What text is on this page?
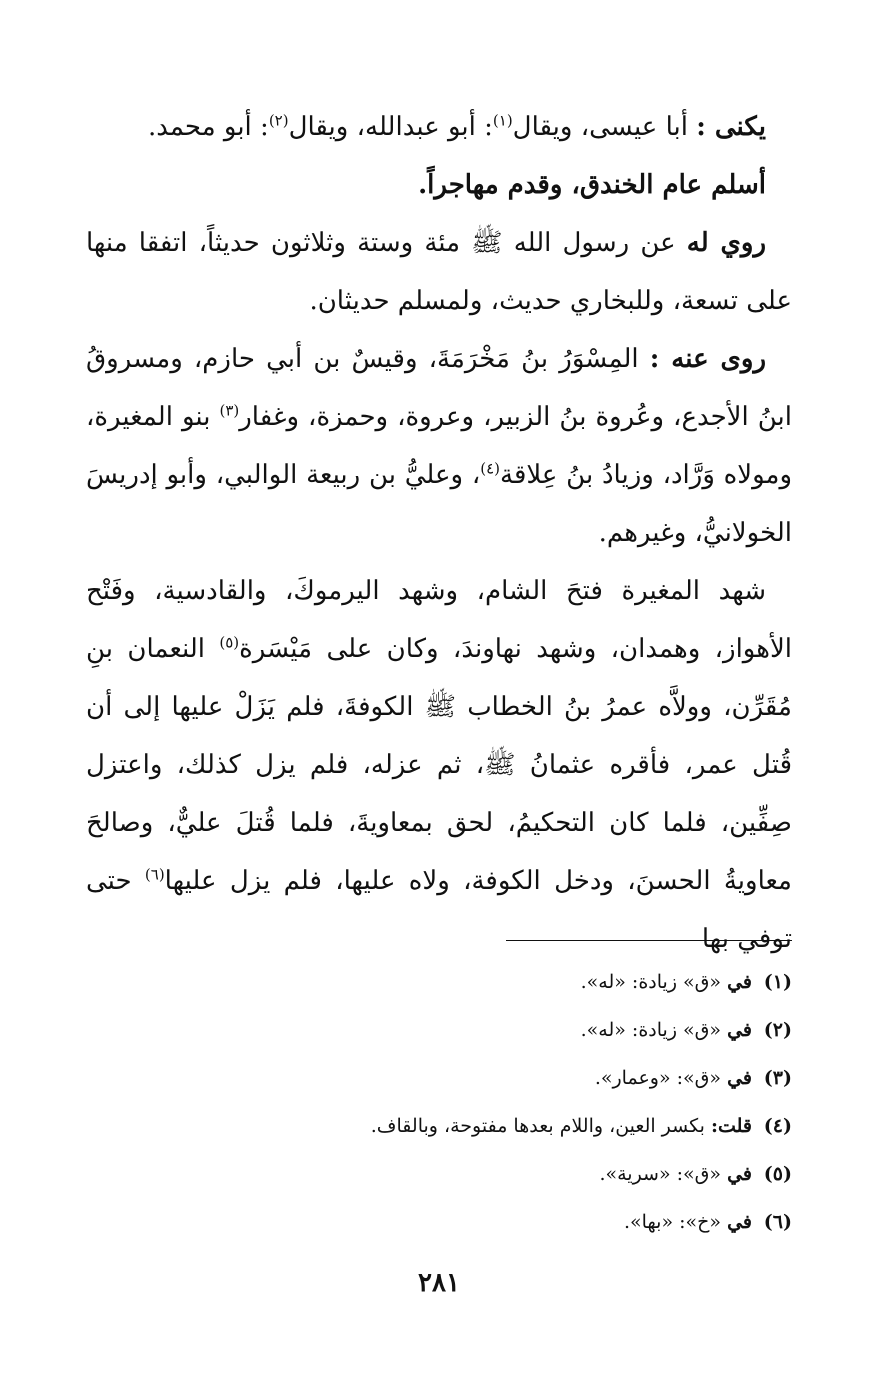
يكنى : أبا عيسى، ويقال$^{(١)}$: أبو عبدالله، ويقال$^{(٢)}$: أبو محمد.

أسلم عام الخندق، وقدم مهاجراً.

روي له عن رسول الله ﷺ مئة وستة وثلاثون حديثاً، اتفقا منها على تسعة، وللبخاري حديث، ولمسلم حديثان.

روى عنه : المِسْوَرُ بنُ مَخْرَمَةَ، وقيسٌ بن أبي حازم، ومسروقُ ابنُ الأجدع، وعُروة بنُ الزبير، وعروة، وحمزة، وغفار$^{(٣)}$ بنو المغيرة، ومولاه وَرَّاد، وزيادُ بنُ عِلاقة$^{(٤)}$، وعليُّ بن ربيعة الوالبي، وأبو إدريسَ الخولانيُّ، وغيرهم.

شهد المغيرة فتحَ الشام، وشهد اليرموكَ، والقادسية، وفَتْح الأهواز، وهمدان، وشهد نهاوندَ، وكان على مَيْسَرة$^{(٥)}$ النعمان بنِ مُقَرِّن، وولاَّه عمرُ بنُ الخطاب ﷺ الكوفةَ، فلم يَزَلْ عليها إلى أن قُتل عمر، فأقره عثمانُ ﷺ، ثم عزله، فلم يزل كذلك، واعتزل صِفِّين، فلما كان التحكيمُ، لحق بمعاويةَ، فلما قُتلَ عليٌّ، وصالحَ معاويةُ الحسنَ، ودخل الكوفة، ولاه عليها، فلم يزل عليها$^{(٦)}$ حتى توفي بها

(١)
في «ق» زيادة: «له».
(٢)
في «ق» زيادة: «له».
(٣)
في «ق»: «وعمار».
(٤)
قلت: بكسر العين، واللام بعدها مفتوحة، وبالقاف.
(٥)
في «ق»: «سرية».
(٦)
في «خ»: «بها».
٢٨١
